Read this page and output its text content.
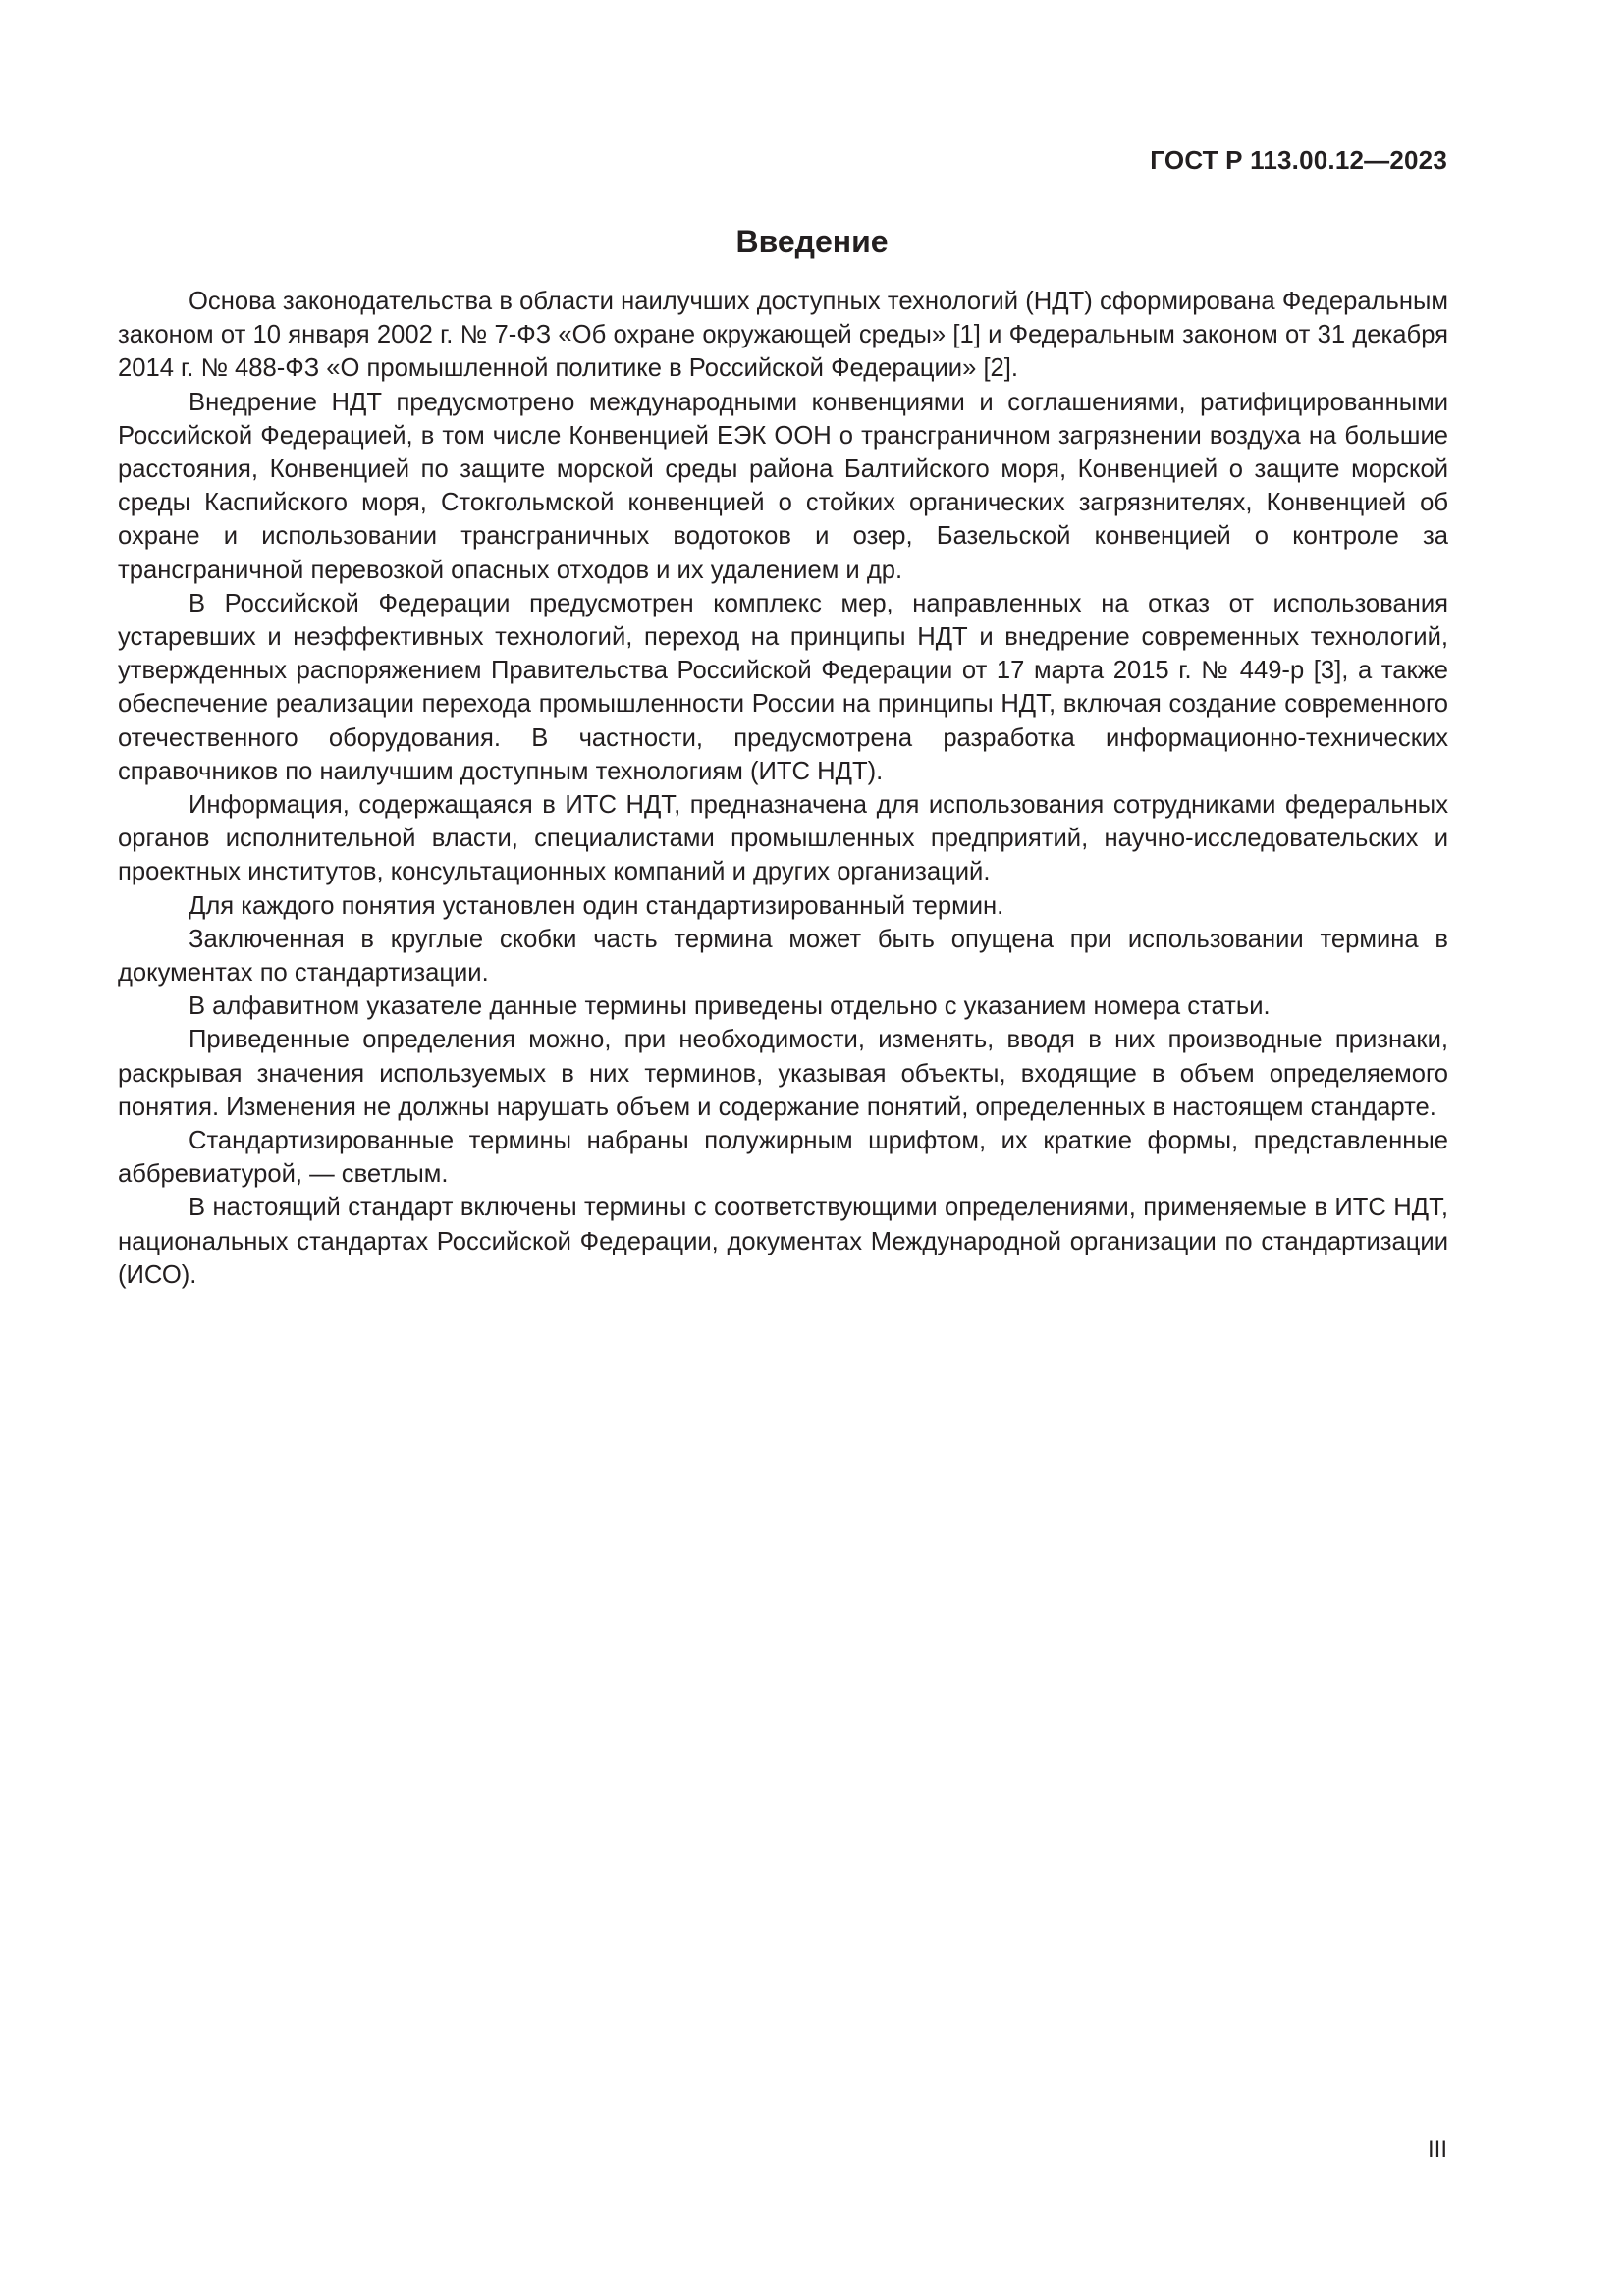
ГОСТ Р 113.00.12—2023

Введение

Основа законодательства в области наилучших доступных технологий (НДТ) сформирована Федеральным законом от 10 января 2002 г. № 7-ФЗ «Об охране окружающей среды» [1] и Федеральным законом от 31 декабря 2014 г. № 488-ФЗ «О промышленной политике в Российской Федерации» [2].

Внедрение НДТ предусмотрено международными конвенциями и соглашениями, ратифицированными Российской Федерацией, в том числе Конвенцией ЕЭК ООН о трансграничном загрязнении воздуха на большие расстояния, Конвенцией по защите морской среды района Балтийского моря, Конвенцией о защите морской среды Каспийского моря, Стокгольмской конвенцией о стойких органических загрязнителях, Конвенцией об охране и использовании трансграничных водотоков и озер, Базельской конвенцией о контроле за трансграничной перевозкой опасных отходов и их удалением и др.

В Российской Федерации предусмотрен комплекс мер, направленных на отказ от использования устаревших и неэффективных технологий, переход на принципы НДТ и внедрение современных технологий, утвержденных распоряжением Правительства Российской Федерации от 17 марта 2015 г. № 449-р [3], а также обеспечение реализации перехода промышленности России на принципы НДТ, включая создание современного отечественного оборудования. В частности, предусмотрена разработка информационно-технических справочников по наилучшим доступным технологиям (ИТС НДТ).

Информация, содержащаяся в ИТС НДТ, предназначена для использования сотрудниками федеральных органов исполнительной власти, специалистами промышленных предприятий, научно-исследовательских и проектных институтов, консультационных компаний и других организаций.

Для каждого понятия установлен один стандартизированный термин.

Заключенная в круглые скобки часть термина может быть опущена при использовании термина в документах по стандартизации.

В алфавитном указателе данные термины приведены отдельно с указанием номера статьи.

Приведенные определения можно, при необходимости, изменять, вводя в них производные признаки, раскрывая значения используемых в них терминов, указывая объекты, входящие в объем определяемого понятия. Изменения не должны нарушать объем и содержание понятий, определенных в настоящем стандарте.

Стандартизированные термины набраны полужирным шрифтом, их краткие формы, представленные аббревиатурой, — светлым.

В настоящий стандарт включены термины с соответствующими определениями, применяемые в ИТС НДТ, национальных стандартах Российской Федерации, документах Международной организации по стандартизации (ИСО).

III
